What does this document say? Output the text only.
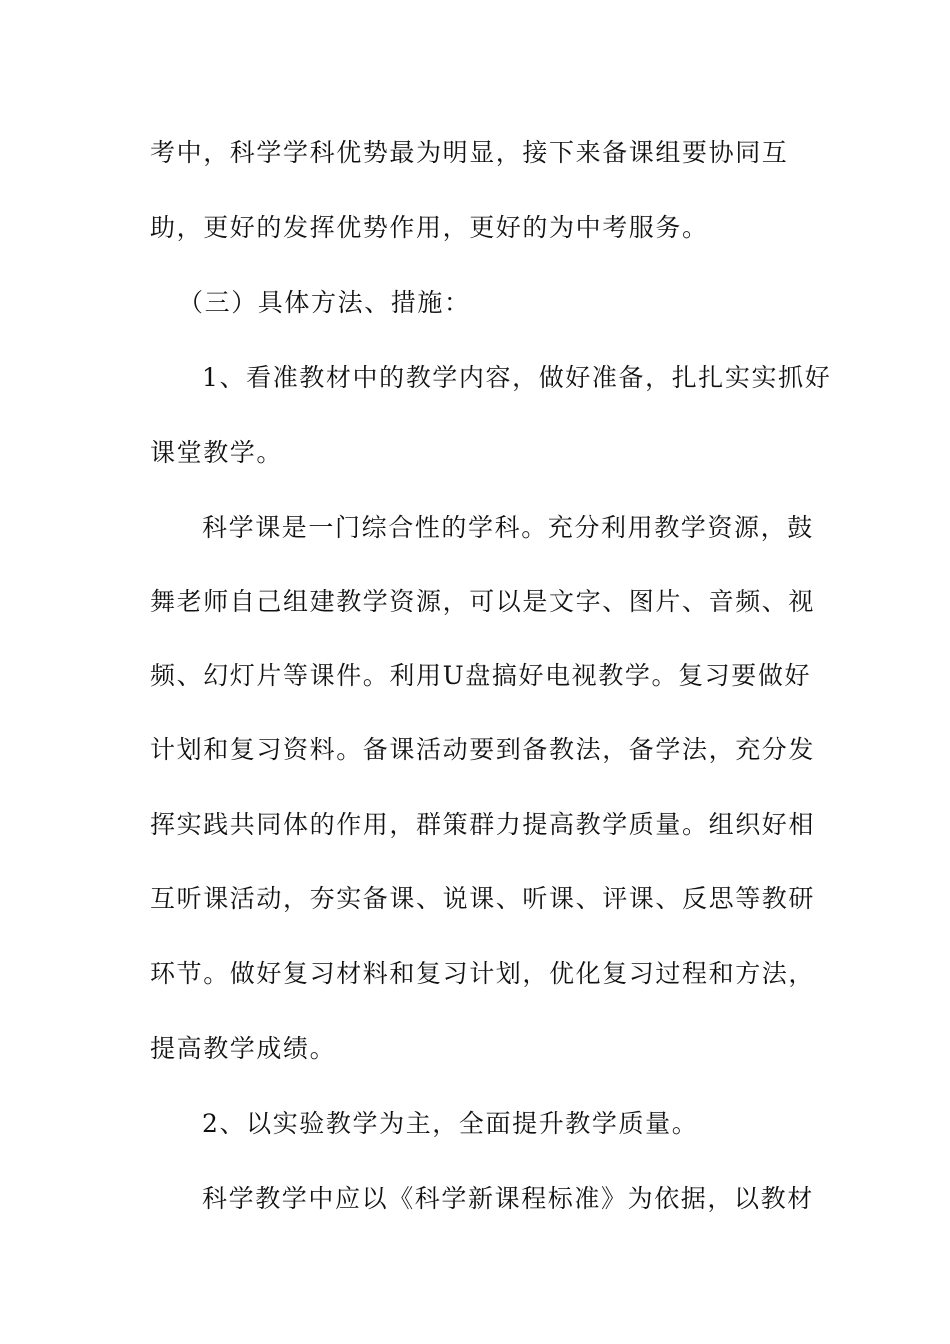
考中，科学学科优势最为明显，接下来备课组要协同互

助，更好的发挥优势作用，更好的为中考服务。

（三）具体方法、措施：

1、看准教材中的教学内容，做好准备，扎扎实实抓好

课堂教学。

科学课是一门综合性的学科。充分利用教学资源，鼓

舞老师自己组建教学资源，可以是文字、图片、音频、视

频、幻灯片等课件。利用U盘搞好电视教学。复习要做好

计划和复习资料。备课活动要到备教法，备学法，充分发

挥实践共同体的作用，群策群力提高教学质量。组织好相

互听课活动，夯实备课、说课、听课、评课、反思等教研

环节。做好复习材料和复习计划，优化复习过程和方法，

提高教学成绩。

2、以实验教学为主，全面提升教学质量。

科学教学中应以《科学新课程标准》为依据，以教材
